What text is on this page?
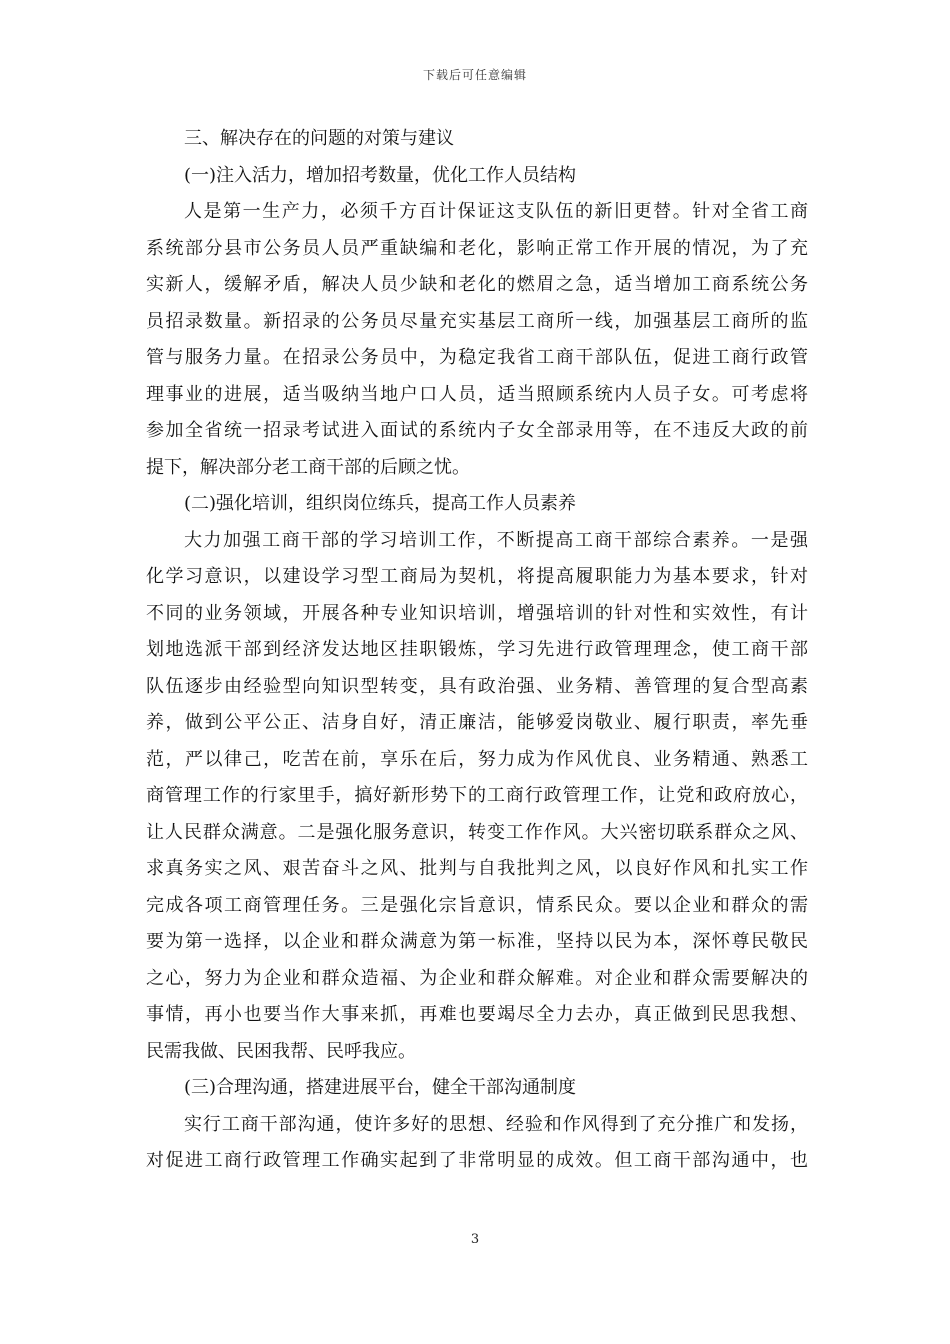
下载后可任意编辑
三、解决存在的问题的对策与建议
(一)注入活力，增加招考数量，优化工作人员结构
人是第一生产力，必须千方百计保证这支队伍的新旧更替。针对全省工商
系统部分县市公务员人员严重缺编和老化，影响正常工作开展的情况，为了充
实新人，缓解矛盾，解决人员少缺和老化的燃眉之急，适当增加工商系统公务
员招录数量。新招录的公务员尽量充实基层工商所一线，加强基层工商所的监
管与服务力量。在招录公务员中，为稳定我省工商干部队伍，促进工商行政管
理事业的进展，适当吸纳当地户口人员，适当照顾系统内人员子女。可考虑将
参加全省统一招录考试进入面试的系统内子女全部录用等，在不违反大政的前
提下，解决部分老工商干部的后顾之忧。
(二)强化培训，组织岗位练兵，提高工作人员素养
大力加强工商干部的学习培训工作，不断提高工商干部综合素养。一是强
化学习意识，以建设学习型工商局为契机，将提高履职能力为基本要求，针对
不同的业务领域，开展各种专业知识培训，增强培训的针对性和实效性，有计
划地选派干部到经济发达地区挂职锻炼，学习先进行政管理理念，使工商干部
队伍逐步由经验型向知识型转变，具有政治强、业务精、善管理的复合型高素
养，做到公平公正、洁身自好，清正廉洁，能够爱岗敬业、履行职责，率先垂
范，严以律己，吃苦在前，享乐在后，努力成为作风优良、业务精通、熟悉工
商管理工作的行家里手，搞好新形势下的工商行政管理工作，让党和政府放心，
让人民群众满意。二是强化服务意识，转变工作作风。大兴密切联系群众之风、
求真务实之风、艰苦奋斗之风、批判与自我批判之风，以良好作风和扎实工作
完成各项工商管理任务。三是强化宗旨意识，情系民众。要以企业和群众的需
要为第一选择，以企业和群众满意为第一标准，坚持以民为本，深怀尊民敬民
之心，努力为企业和群众造福、为企业和群众解难。对企业和群众需要解决的
事情，再小也要当作大事来抓，再难也要竭尽全力去办，真正做到民思我想、
民需我做、民困我帮、民呼我应。
(三)合理沟通，搭建进展平台，健全干部沟通制度
实行工商干部沟通，使许多好的思想、经验和作风得到了充分推广和发扬，
对促进工商行政管理工作确实起到了非常明显的成效。但工商干部沟通中，也
3
